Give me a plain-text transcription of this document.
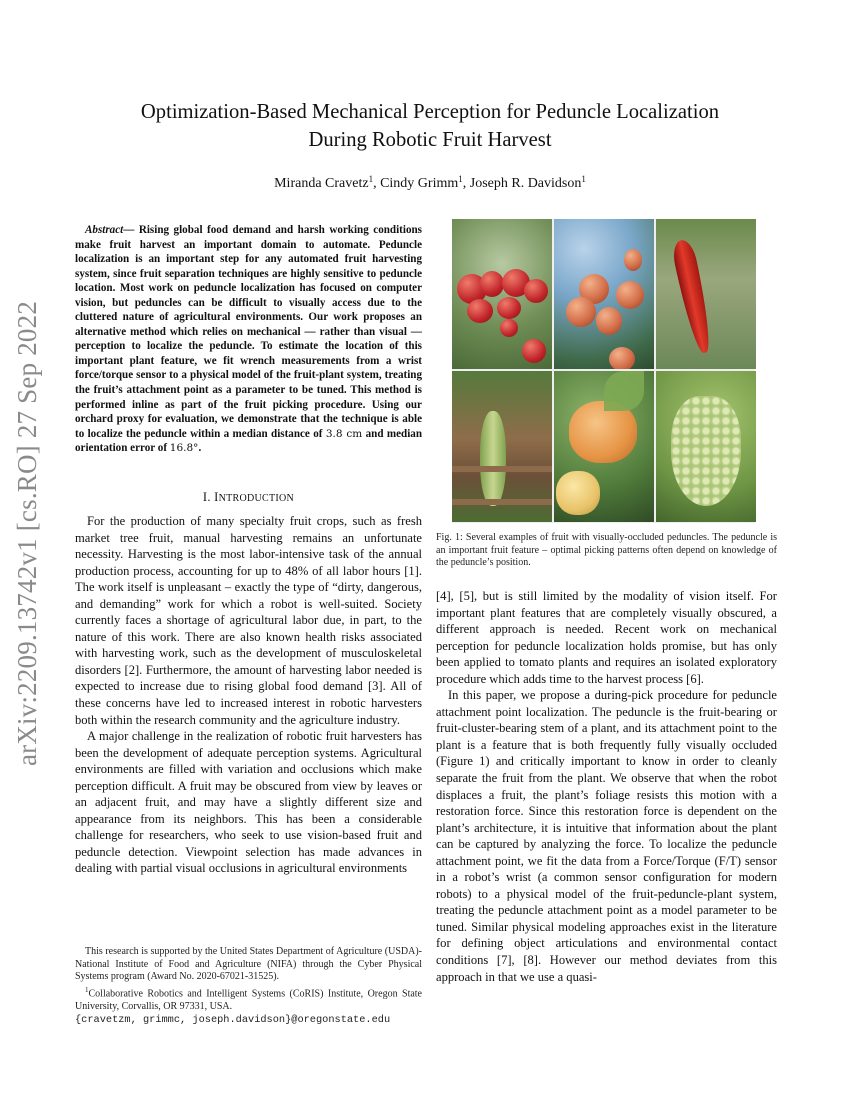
arXiv:2209.13742v1 [cs.RO] 27 Sep 2022
Optimization-Based Mechanical Perception for Peduncle Localization
During Robotic Fruit Harvest
Miranda Cravetz$^1$, Cindy Grimm$^1$, Joseph R. Davidson$^1$

Abstract— Rising global food demand and harsh working conditions make fruit harvest an important domain to automate. Peduncle localization is an important step for any automated fruit harvesting system, since fruit separation techniques are highly sensitive to peduncle location. Most work on peduncle localization has focused on computer vision, but peduncles can be difficult to visually access due to the cluttered nature of agricultural environments. Our work proposes an alternative method which relies on mechanical — rather than visual — perception to localize the peduncle. To estimate the location of this important plant feature, we fit wrench measurements from a wrist force/torque sensor to a physical model of the fruit-plant system, treating the fruit’s attachment point as a parameter to be tuned. This method is performed inline as part of the fruit picking procedure. Using our orchard proxy for evaluation, we demonstrate that the technique is able to localize the peduncle within a median distance of 3.8 cm and median orientation error of 16.8°.

I. INTRODUCTION

For the production of many specialty fruit crops, such as fresh market tree fruit, manual harvesting remains an unfortunate necessity. Harvesting is the most labor-intensive task of the annual production process, accounting for up to 48% of all labor hours [1]. The work itself is unpleasant – exactly the type of “dirty, dangerous, and demanding” work for which a robot is well-suited. Society currently faces a shortage of agricultural labor due, in part, to the nature of this work. There are also known health risks associated with harvesting work, such as the development of musculoskeletal disorders [2]. Furthermore, the amount of harvesting labor needed is expected to increase due to rising global food demand [3]. All of these concerns have led to increased interest in robotic harvesters both within the research community and the agriculture industry.

A major challenge in the realization of robotic fruit harvesters has been the development of adequate perception systems. Agricultural environments are filled with variation and occlusions which make perception difficult. A fruit may be obscured from view by leaves or an adjacent fruit, and may have a slightly different size and appearance from its neighbors. This has been a considerable challenge for researchers, who seek to use vision-based fruit and peduncle detection. Viewpoint selection has made advances in dealing with partial visual occlusions in agricultural environments

This research is supported by the United States Department of Agriculture (USDA)-National Institute of Food and Agriculture (NIFA) through the Cyber Physical Systems program (Award No. 2020-67021-31525).

$^1$Collaborative Robotics and Intelligent Systems (CoRIS) Institute, Oregon State University, Corvallis, OR 97331, USA.

{cravetzm, grimmc, joseph.davidson}@oregonstate.edu

Fig. 1: Several examples of fruit with visually-occluded peduncles. The peduncle is an important fruit feature – optimal picking patterns often depend on knowledge of the peduncle’s position.

[4], [5], but is still limited by the modality of vision itself. For important plant features that are completely visually obscured, a different approach is needed. Recent work on mechanical perception for peduncle localization holds promise, but has only been applied to tomato plants and requires an isolated exploratory procedure which adds time to the harvest process [6].

In this paper, we propose a during-pick procedure for peduncle attachment point localization. The peduncle is the fruit-bearing or fruit-cluster-bearing stem of a plant, and its attachment point to the plant is a feature that is both frequently fully visually occluded (Figure 1) and critically important to know in order to cleanly separate the fruit from the plant. We observe that when the robot displaces a fruit, the plant’s foliage resists this motion with a restoration force. Since this restoration force is dependent on the plant’s architecture, it is intuitive that information about the plant can be captured by analyzing the force. To localize the peduncle attachment point, we fit the data from a Force/Torque (F/T) sensor in a robot’s wrist (a common sensor configuration for modern robots) to a physical model of the fruit-peduncle-plant system, treating the peduncle attachment point as a model parameter to be tuned. Similar physical modeling approaches exist in the literature for defining object articulations and environmental contact conditions [7], [8]. However our method deviates from this approach in that we use a quasi-
